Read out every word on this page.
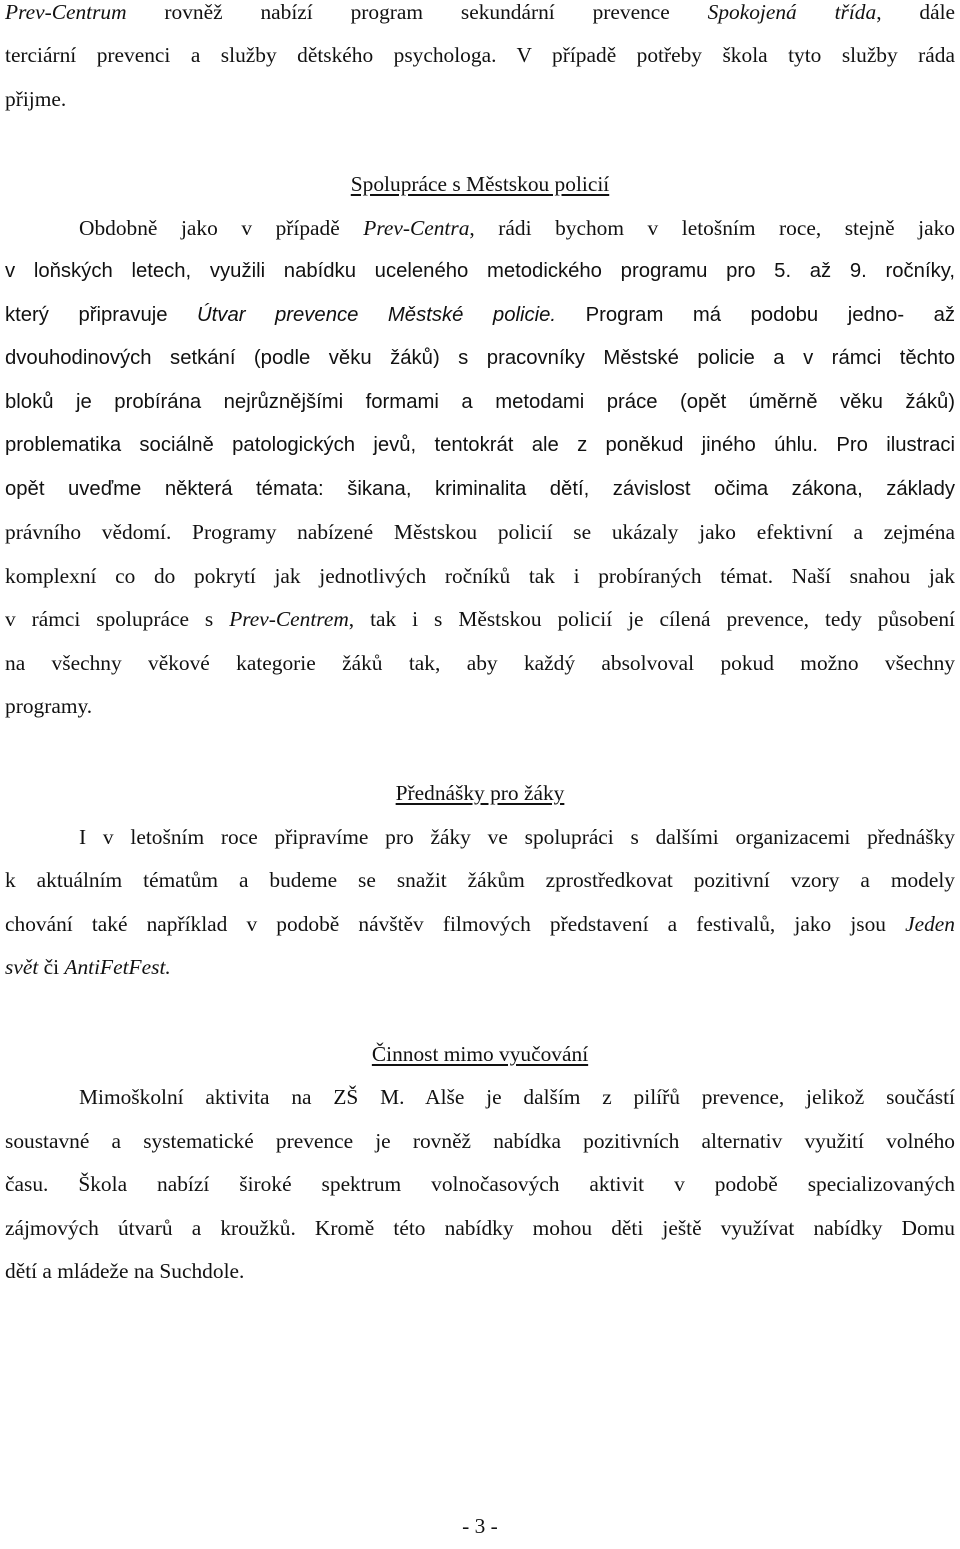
Prev-Centrum rovněž nabízí program sekundární prevence Spokojená třída, dále
terciární prevenci a služby dětského psychologa. V případě potřeby škola tyto služby ráda
přijme.
Spolupráce s Městskou policií
Obdobně jako v případě Prev-Centra, rádi bychom v letošním roce, stejně jako
v loňských letech, využili nabídku uceleného metodického programu pro 5. až 9. ročníky,
který připravuje Útvar prevence Městské policie. Program má podobu jedno- až
dvouhodinových setkání (podle věku žáků) s pracovníky Městské policie a v rámci těchto
bloků je probírána nejrůznějšími formami a metodami práce (opět úměrně věku žáků)
problematika sociálně patologických jevů, tentokrát ale z poněkud jiného úhlu. Pro ilustraci
opět uveďme některá témata: šikana, kriminalita dětí, závislost očima zákona, základy
právního vědomí. Programy nabízené Městskou policií se ukázaly jako efektivní a zejména
komplexní co do pokrytí jak jednotlivých ročníků tak i probíraných témat. Naší snahou jak
v rámci spolupráce s Prev-Centrem, tak i s Městskou policií je cílená prevence, tedy působení
na všechny věkové kategorie žáků tak, aby každý absolvoval pokud možno všechny
programy.
Přednášky pro žáky
I v letošním roce připravíme pro žáky ve spolupráci s dalšími organizacemi přednášky
k aktuálním tématům a budeme se snažit žákům zprostředkovat pozitivní vzory a modely
chování také například v podobě návštěv filmových představení a festivalů, jako jsou Jeden
svět či AntiFetFest.
Činnost mimo vyučování
Mimoškolní aktivita na ZŠ M. Alše je dalším z pilířů prevence, jelikož součástí
soustavné a systematické prevence je rovněž nabídka pozitivních alternativ využití volného
času. Škola nabízí široké spektrum volnočasových aktivit v podobě specializovaných
zájmových útvarů a kroužků. Kromě této nabídky mohou děti ještě využívat nabídky Domu
dětí a mládeže na Suchdole.
- 3 -
